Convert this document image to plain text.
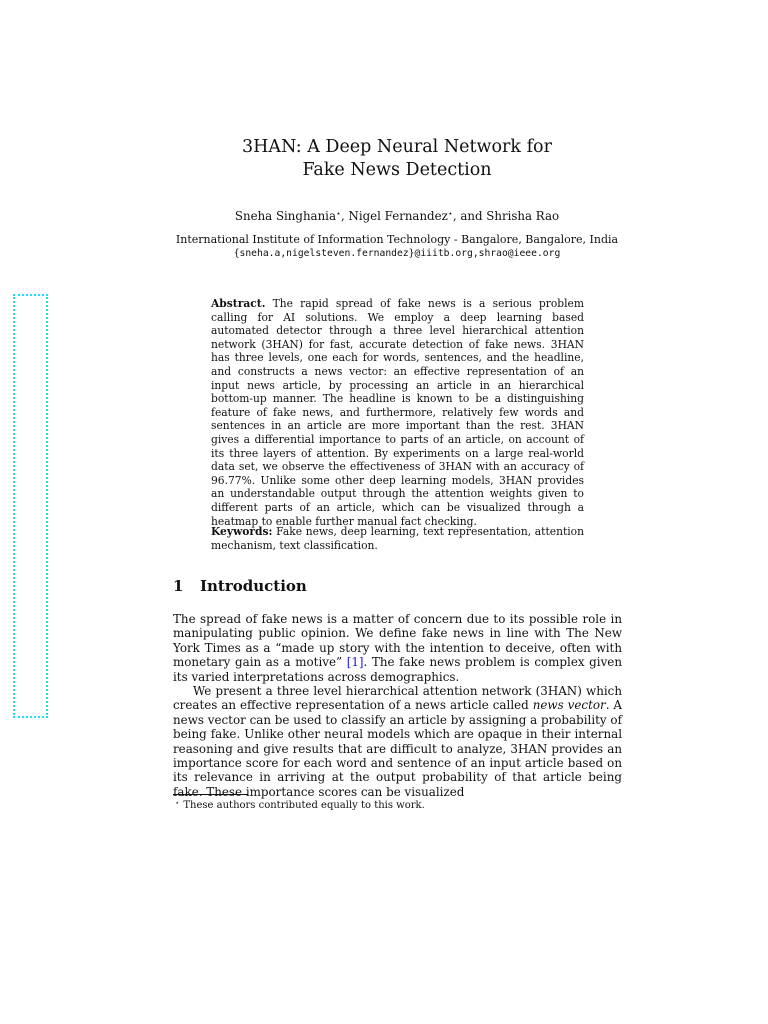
3HAN: A Deep Neural Network for
Fake News Detection
Sneha Singhania⋆, Nigel Fernandez⋆, and Shrisha Rao
International Institute of Information Technology - Bangalore, Bangalore, India
{sneha.a,nigelsteven.fernandez}@iiitb.org,shrao@ieee.org
Abstract. The rapid spread of fake news is a serious problem calling for AI solutions. We employ a deep learning based automated detector through a three level hierarchical attention network (3HAN) for fast, accurate detection of fake news. 3HAN has three levels, one each for words, sentences, and the headline, and constructs a news vector: an effective representation of an input news article, by processing an article in an hierarchical bottom-up manner. The headline is known to be a distinguishing feature of fake news, and furthermore, relatively few words and sentences in an article are more important than the rest. 3HAN gives a differential importance to parts of an article, on account of its three layers of attention. By experiments on a large real-world data set, we observe the effectiveness of 3HAN with an accuracy of 96.77%. Unlike some other deep learning models, 3HAN provides an understandable output through the attention weights given to different parts of an article, which can be visualized through a heatmap to enable further manual fact checking.
Keywords: Fake news, deep learning, text representation, attention mechanism, text classification.
1 Introduction

The spread of fake news is a matter of concern due to its possible role in manipulating public opinion. We define fake news in line with The New York Times as a “made up story with the intention to deceive, often with monetary gain as a motive” [1]. The fake news problem is complex given its varied interpretations across demographics.

We present a three level hierarchical attention network (3HAN) which creates an effective representation of a news article called news vector. A news vector can be used to classify an article by assigning a probability of being fake. Unlike other neural models which are opaque in their internal reasoning and give results that are difficult to analyze, 3HAN provides an importance score for each word and sentence of an input article based on its relevance in arriving at the output probability of that article being fake. These importance scores can be visualized

⋆ These authors contributed equally to this work.
